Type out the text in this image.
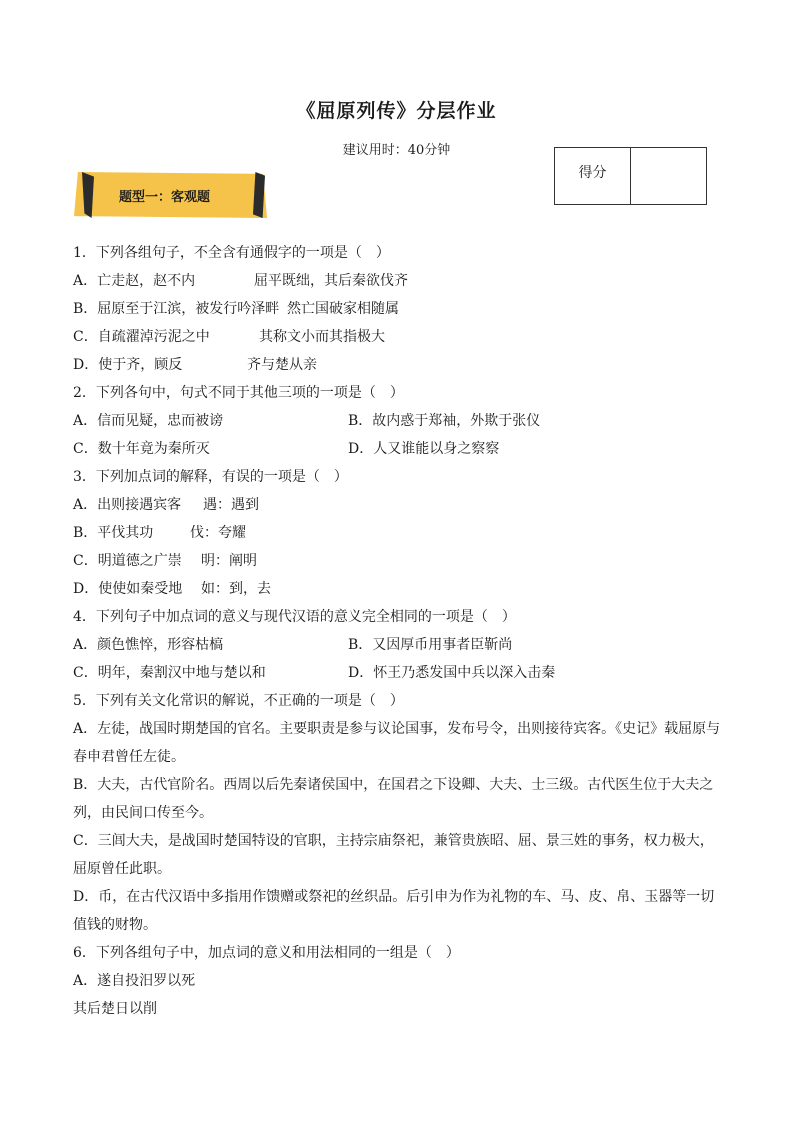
《屈原列传》分层作业
建议用时：40分钟
得分
题型一：客观题
1．下列各组句子，不全含有通假字的一项是（　）
A．亡走赵，赵不内	屈平既绌，其后秦欲伐齐
B．屈原至于江滨，被发行吟泽畔 然亡国破家相随属
C．自疏濯淖污泥之中	其称文小而其指极大
D．使于齐，顾反	齐与楚从亲
2．下列各句中，句式不同于其他三项的一项是（　）
A．信而见疑，忠而被谤	B．故内惑于郑袖，外欺于张仪
C．数十年竟为秦所灭	D．人又谁能以身之察察
3．下列加点词的解释，有误的一项是（　）
A．出则接遇宾客 遇：遇到
B．平伐其功	伐：夸耀
C．明道德之广崇 明：阐明
D．使使如秦受地 如：到，去
4．下列句子中加点词的意义与现代汉语的意义完全相同的一项是（　）
A．颜色憔悴，形容枯槁	B．又因厚币用事者臣靳尚
C．明年，秦割汉中地与楚以和	D．怀王乃悉发国中兵以深入击秦
5．下列有关文化常识的解说，不正确的一项是（　）
A．左徒，战国时期楚国的官名。主要职责是参与议论国事，发布号令，出则接待宾客。《史记》载屈原与春申君曾任左徒。
B．大夫，古代官阶名。西周以后先秦诸侯国中，在国君之下设卿、大夫、士三级。古代医生位于大夫之列，由民间口传至今。
C．三闾大夫，是战国时楚国特设的官职，主持宗庙祭祀，兼管贵族昭、屈、景三姓的事务，权力极大，屈原曾任此职。
D．币，在古代汉语中多指用作馈赠或祭祀的丝织品。后引申为作为礼物的车、马、皮、帛、玉器等一切值钱的财物。
6．下列各组句子中，加点词的意义和用法相同的一组是（　）
A．遂自投汨罗以死
其后楚日以削
